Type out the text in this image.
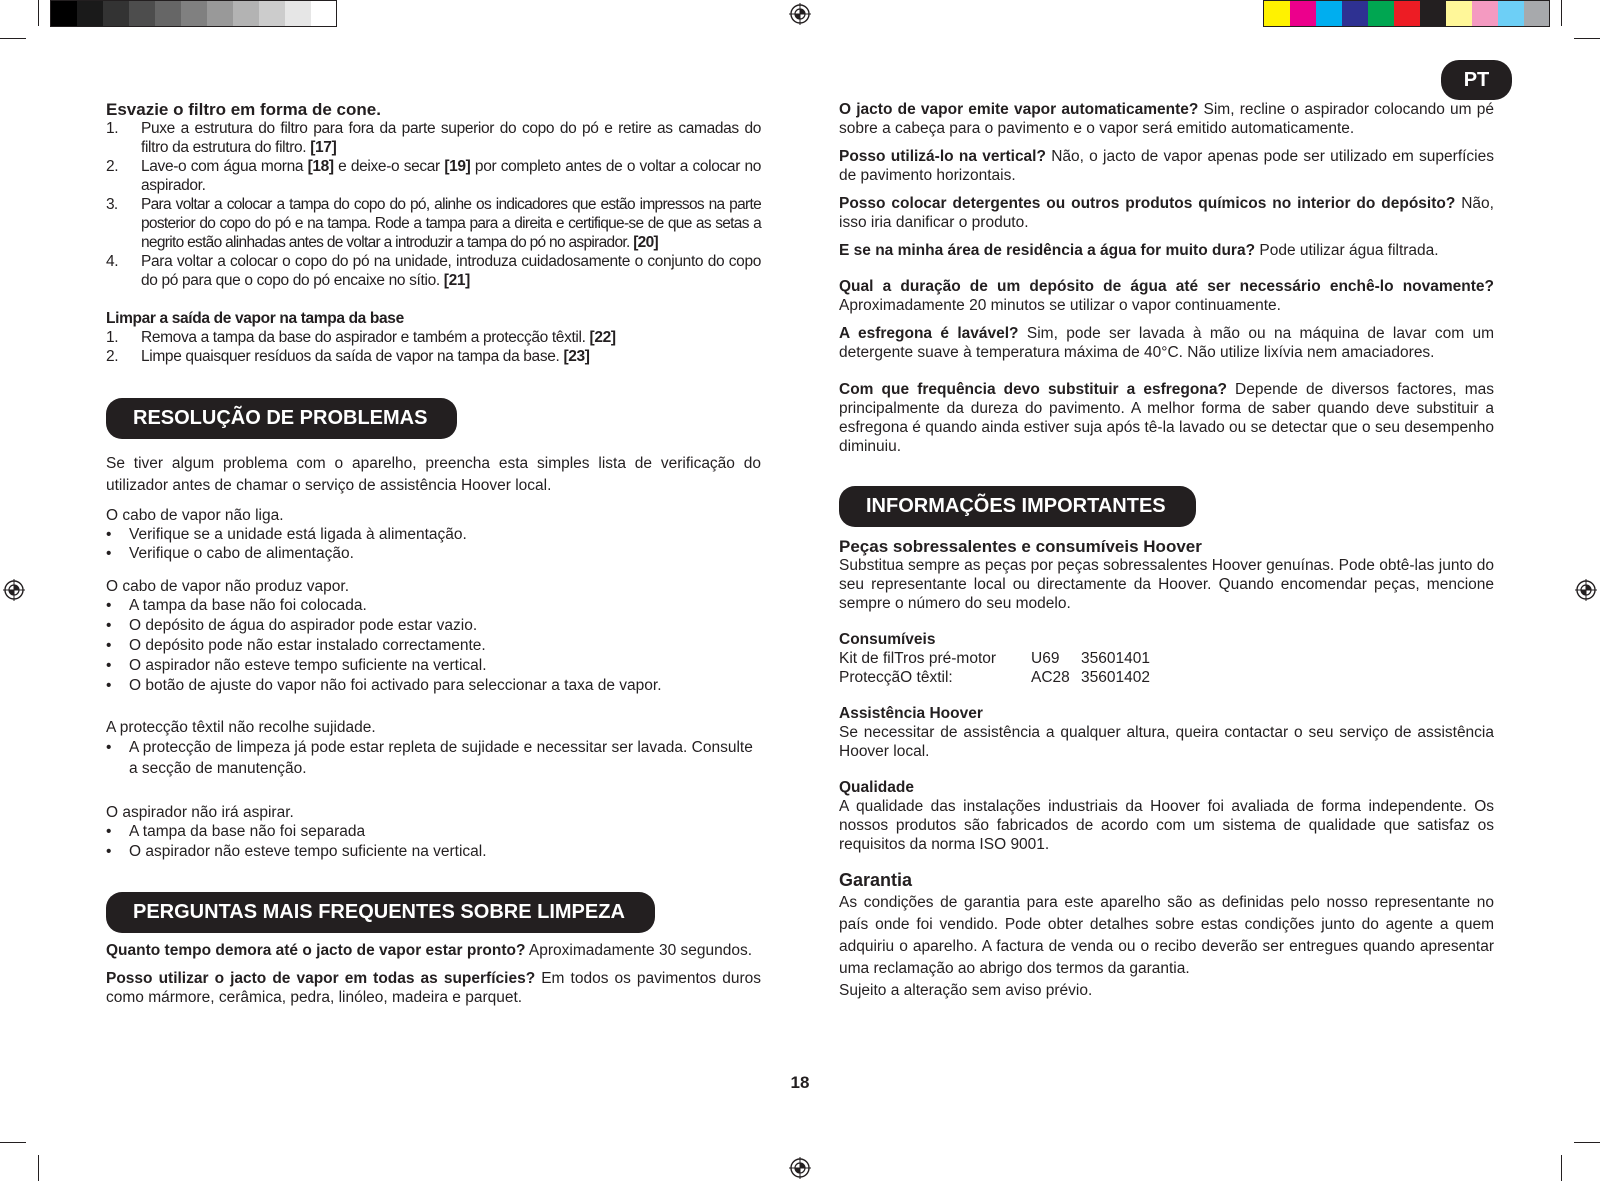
PT

Esvazie o filtro em forma de cone.

1. Puxe a estrutura do filtro para fora da parte superior do copo do pó e retire as camadas do filtro da estrutura do filtro. [17]
2. Lave-o com água morna [18] e deixe-o secar [19] por completo antes de o voltar a colocar no aspirador.
3. Para voltar a colocar a tampa do copo do pó, alinhe os indicadores que estão impressos na parte posterior do copo do pó e na tampa. Rode a tampa para a direita e certifique-se de que as setas a negrito estão alinhadas antes de voltar a introduzir a tampa do pó no aspirador. [20]
4. Para voltar a colocar o copo do pó na unidade, introduza cuidadosamente o conjunto do copo do pó para que o copo do pó encaixe no sítio. [21]

Limpar a saída de vapor na tampa da base

1. Remova a tampa da base do aspirador e também a protecção têxtil. [22]
2. Limpe quaisquer resíduos da saída de vapor na tampa da base. [23]
RESOLUÇÃO DE PROBLEMAS

Se tiver algum problema com o aparelho, preencha esta simples lista de verificação do utilizador antes de chamar o serviço de assistência Hoover local.

O cabo de vapor não liga.

• Verifique se a unidade está ligada à alimentação.
• Verifique o cabo de alimentação.

O cabo de vapor não produz vapor.

• A tampa da base não foi colocada.
• O depósito de água do aspirador pode estar vazio.
• O depósito pode não estar instalado correctamente.
• O aspirador não esteve tempo suficiente na vertical.
• O botão de ajuste do vapor não foi activado para seleccionar a taxa de vapor.

A protecção têxtil não recolhe sujidade.

• A protecção de limpeza já pode estar repleta de sujidade e necessitar ser lavada. Consulte a secção de manutenção.

O aspirador não irá aspirar.

• A tampa da base não foi separada
• O aspirador não esteve tempo suficiente na vertical.
PERGUNTAS MAIS FREQUENTES SOBRE LIMPEZA

Quanto tempo demora até o jacto de vapor estar pronto? Aproximadamente 30 segundos.

Posso utilizar o jacto de vapor em todas as superfícies? Em todos os pavimentos duros como mármore, cerâmica, pedra, linóleo, madeira e parquet.

O jacto de vapor emite vapor automaticamente? Sim, recline o aspirador colocando um pé sobre a cabeça para o pavimento e o vapor será emitido automaticamente.

Posso utilizá-lo na vertical? Não, o jacto de vapor apenas pode ser utilizado em superfícies de pavimento horizontais.

Posso colocar detergentes ou outros produtos químicos no interior do depósito? Não, isso iria danificar o produto.

E se na minha área de residência a água for muito dura? Pode utilizar água filtrada.

Qual a duração de um depósito de água até ser necessário enchê-lo novamente? Aproximadamente 20 minutos se utilizar o vapor continuamente.

A esfregona é lavável? Sim, pode ser lavada à mão ou na máquina de lavar com um detergente suave à temperatura máxima de 40°C. Não utilize lixívia nem amaciadores.

Com que frequência devo substituir a esfregona? Depende de diversos factores, mas principalmente da dureza do pavimento. A melhor forma de saber quando deve substituir a esfregona é quando ainda estiver suja após tê-la lavado ou se detectar que o seu desempenho diminuiu.

INFORMAÇÕES IMPORTANTES

Peças sobressalentes e consumíveis Hoover

Substitua sempre as peças por peças sobressalentes Hoover genuínas. Pode obtê-las junto do seu representante local ou directamente da Hoover. Quando encomendar peças, mencione sempre o número do seu modelo.

Consumíveis

Kit de filTros pré-motor	U69	35601401
ProtecçãO têxtil:	AC28	35601402

Assistência Hoover

Se necessitar de assistência a qualquer altura, queira contactar o seu serviço de assistência Hoover local.

Qualidade

A qualidade das instalações industriais da Hoover foi avaliada de forma independente. Os nossos produtos são fabricados de acordo com um sistema de qualidade que satisfaz os requisitos da norma ISO 9001.

Garantia

As condições de garantia para este aparelho são as definidas pelo nosso representante no país onde foi vendido. Pode obter detalhes sobre estas condições junto do agente a quem adquiriu o aparelho. A factura de venda ou o recibo deverão ser entregues quando apresentar uma reclamação ao abrigo dos termos da garantia.

Sujeito a alteração sem aviso prévio.

18
